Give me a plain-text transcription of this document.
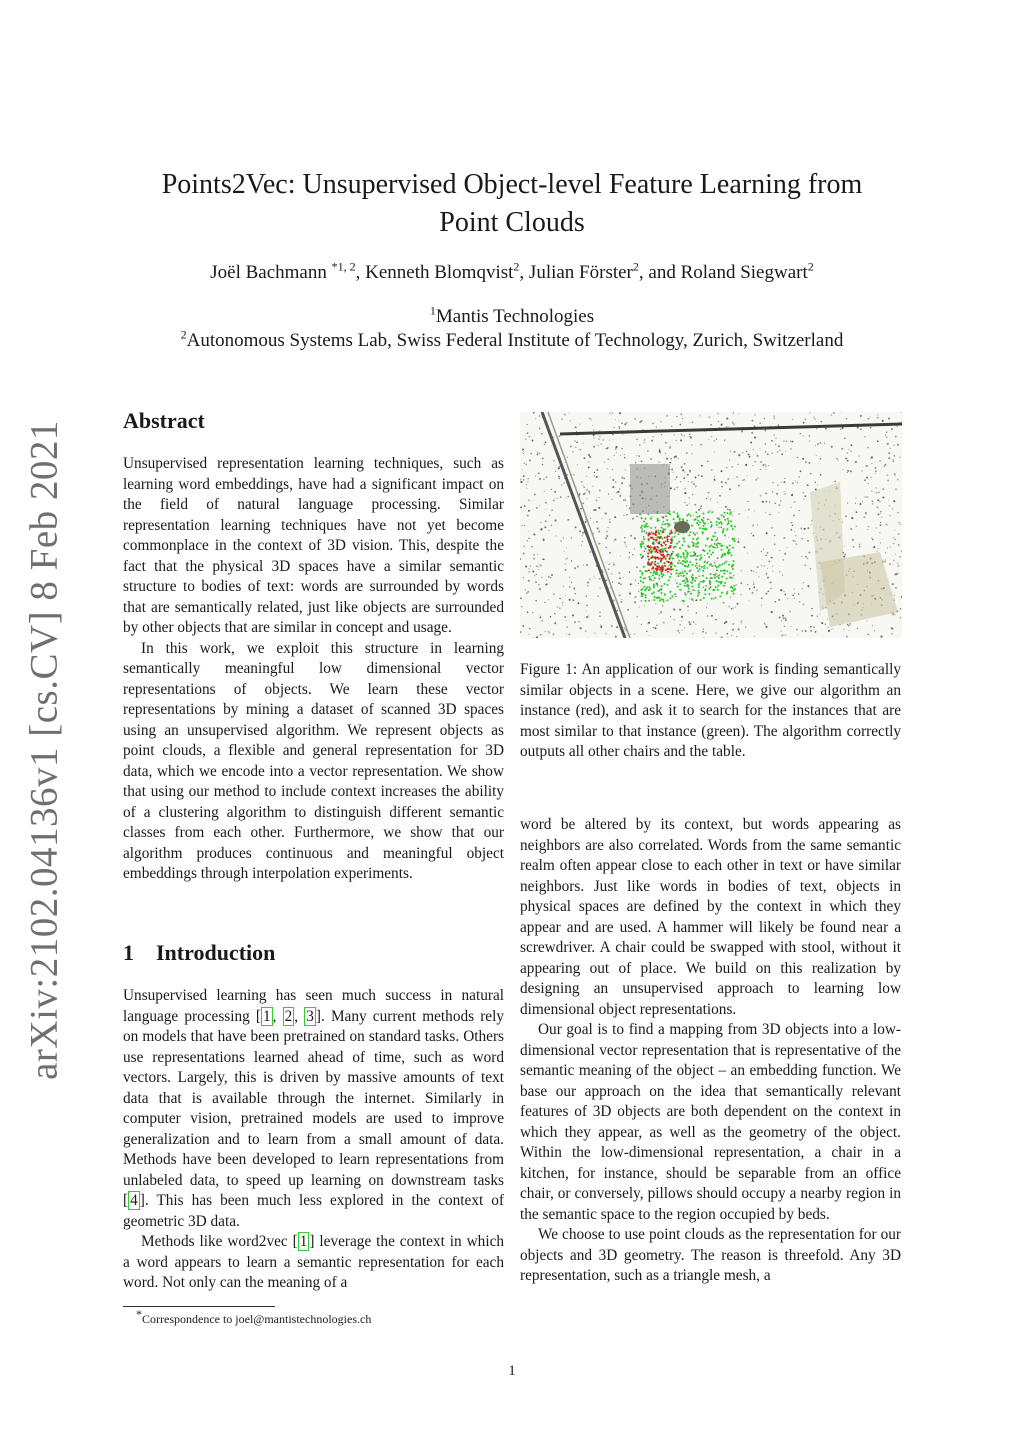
arXiv:2102.04136v1 [cs.CV] 8 Feb 2021
Points2Vec: Unsupervised Object-level Feature Learning from
Point Clouds
Joël Bachmann $^{*1, 2}$, Kenneth Blomqvist$^2$, Julian Förster$^2$, and Roland Siegwart$^2$
$^1$Mantis Technologies
$^2$Autonomous Systems Lab, Swiss Federal Institute of Technology, Zurich, Switzerland
Abstract

Unsupervised representation learning techniques, such as learning word embeddings, have had a significant impact on the field of natural language processing. Similar representation learning techniques have not yet become commonplace in the context of 3D vision. This, despite the fact that the physical 3D spaces have a similar semantic structure to bodies of text: words are surrounded by words that are semantically related, just like objects are surrounded by other objects that are similar in concept and usage.

In this work, we exploit this structure in learning semantically meaningful low dimensional vector representations of objects. We learn these vector representations by mining a dataset of scanned 3D spaces using an unsupervised algorithm. We represent objects as point clouds, a flexible and general representation for 3D data, which we encode into a vector representation. We show that using our method to include context increases the ability of a clustering algorithm to distinguish different semantic classes from each other. Furthermore, we show that our algorithm produces continuous and meaningful object embeddings through interpolation experiments.

1    Introduction

Unsupervised learning has seen much success in natural language processing [ 1 , 2 , 3 ]. Many current methods rely on models that have been pretrained on standard tasks. Others use representations learned ahead of time, such as word vectors. Largely, this is driven by massive amounts of text data that is available through the internet. Similarly in computer vision, pretrained models are used to improve generalization and to learn from a small amount of data. Methods have been developed to learn representations from unlabeled data, to speed up learning on downstream tasks [ 4 ]. This has been much less explored in the context of geometric 3D data.

Methods like word2vec [ 1 ] leverage the context in which a word appears to learn a semantic representation for each word. Not only can the meaning of a

*Correspondence to joel@mantistechnologies.ch

Figure 1: An application of our work is finding semantically similar objects in a scene. Here, we give our algorithm an instance (red), and ask it to search for the instances that are most similar to that instance (green). The algorithm correctly outputs all other chairs and the table.

word be altered by its context, but words appearing as neighbors are also correlated. Words from the same semantic realm often appear close to each other in text or have similar neighbors. Just like words in bodies of text, objects in physical spaces are defined by the context in which they appear and are used. A hammer will likely be found near a screwdriver. A chair could be swapped with stool, without it appearing out of place. We build on this realization by designing an unsupervised approach to learning low dimensional object representations.

Our goal is to find a mapping from 3D objects into a low-dimensional vector representation that is representative of the semantic meaning of the object – an embedding function. We base our approach on the idea that semantically relevant features of 3D objects are both dependent on the context in which they appear, as well as the geometry of the object. Within the low-dimensional representation, a chair in a kitchen, for instance, should be separable from an office chair, or conversely, pillows should occupy a nearby region in the semantic space to the region occupied by beds.

We choose to use point clouds as the representation for our objects and 3D geometry. The reason is threefold. Any 3D representation, such as a triangle mesh, a

1
